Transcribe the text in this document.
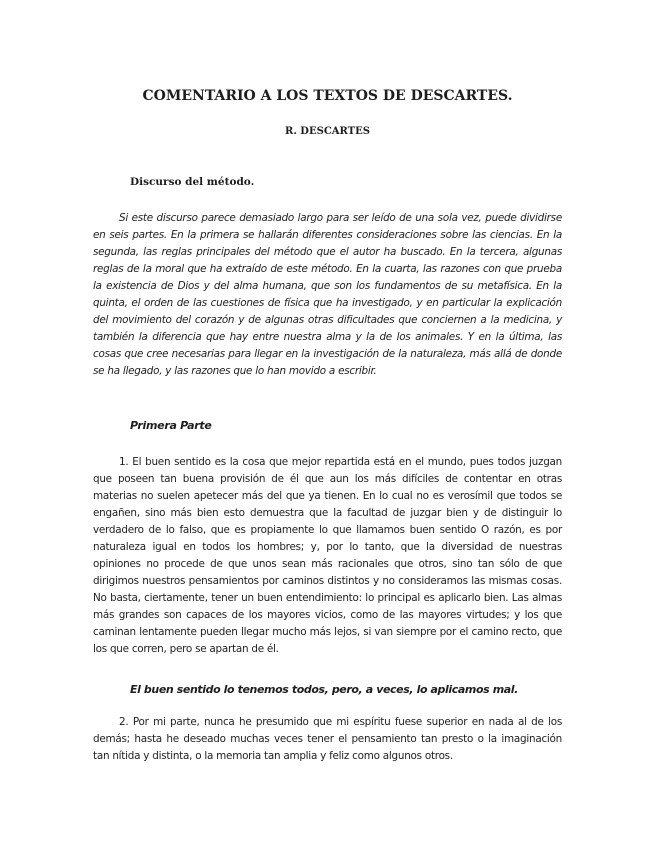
COMENTARIO A LOS TEXTOS DE DESCARTES.
R. DESCARTES
Discurso del método.

Si este discurso parece demasiado largo para ser leído de una sola vez, puede dividirse en seis partes. En la primera se hallarán diferentes consideraciones sobre las ciencias. En la segunda, las reglas principales del método que el autor ha buscado. En la tercera, algunas reglas de la moral que ha extraído de este método. En la cuarta, las razones con que prueba la existencia de Dios y del alma humana, que son los fundamentos de su metafísica. En la quinta, el orden de las cuestiones de física que ha investigado, y en particular la explicación del movimiento del corazón y de algunas otras dificultades que conciernen a la medicina, y también la diferencia que hay entre nuestra alma y la de los animales. Y en la última, las cosas que cree necesarias para llegar en la investigación de la naturaleza, más allá de donde se ha llegado, y las razones que lo han movido a escribir.

Primera Parte

1. El buen sentido es la cosa que mejor repartida está en el mundo, pues todos juzgan que poseen tan buena provisión de él que aun los más difíciles de contentar en otras materias no suelen apetecer más del que ya tienen. En lo cual no es verosímil que todos se engañen, sino más bien esto demuestra que la facultad de juzgar bien y de distinguir lo verdadero de lo falso, que es propiamente lo que llamamos buen sentido O razón, es por naturaleza igual en todos los hombres; y, por lo tanto, que la diversidad de nuestras opiniones no procede de que unos sean más racionales que otros, sino tan sólo de que dirigimos nuestros pensamientos por caminos distintos y no consideramos las mismas cosas. No basta, ciertamente, tener un buen entendimiento: lo principal es aplicarlo bien. Las almas más grandes son capaces de los mayores vicios, como de las mayores virtudes; y los que caminan lentamente pueden llegar mucho más lejos, si van siempre por el camino recto, que los que corren, pero se apartan de él.

El buen sentido lo tenemos todos, pero, a veces, lo aplicamos mal.

2. Por mi parte, nunca he presumido que mi espíritu fuese superior en nada al de los demás; hasta he deseado muchas veces tener el pensamiento tan presto o la imaginación tan nítida y distinta, o la memoria tan amplia y feliz como algunos otros.
